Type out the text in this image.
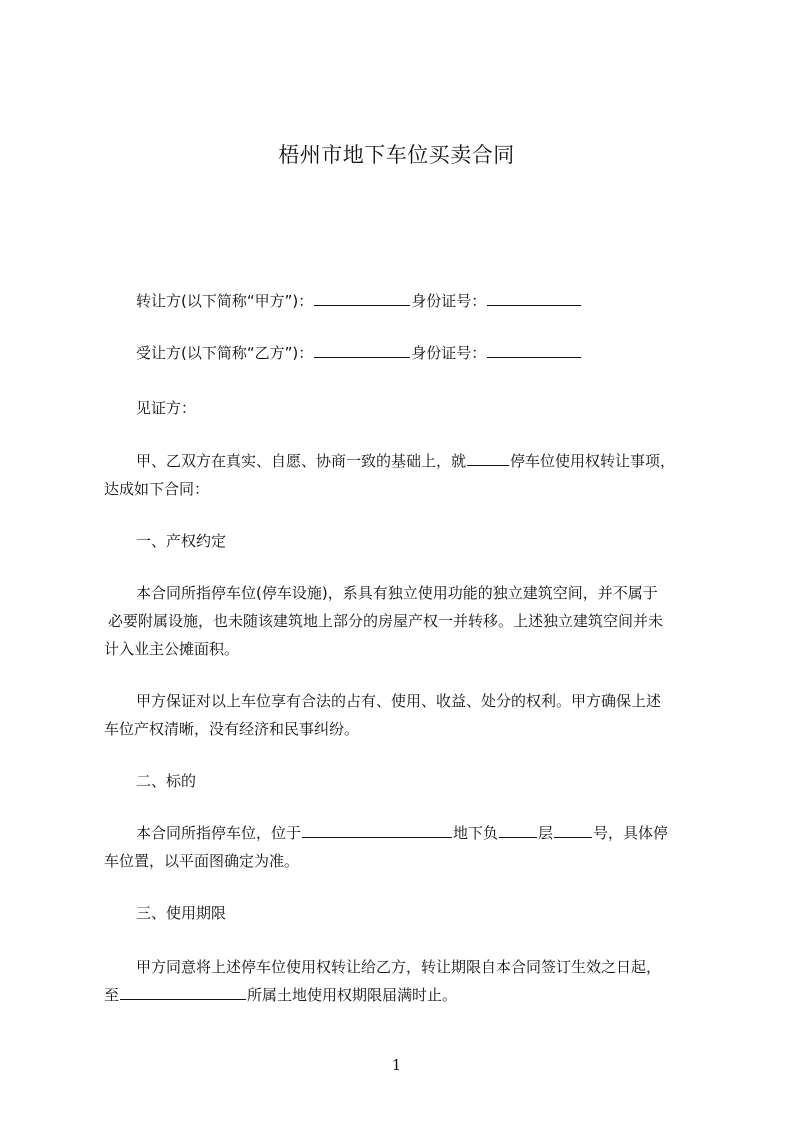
梧州市地下车位买卖合同
转让方(以下简称“甲方”)：	身份证号：
受让方(以下简称“乙方”)：	身份证号：
见证方：
甲、乙双方在真实、自愿、协商一致的基础上，就	停车位使用权转让事项，
达成如下合同：
一、产权约定
本合同所指停车位(停车设施)，系具有独立使用功能的独立建筑空间，并不属于
必要附属设施，也未随该建筑地上部分的房屋产权一并转移。上述独立建筑空间并未
计入业主公摊面积。
甲方保证对以上车位享有合法的占有、使用、收益、处分的权利。甲方确保上述
车位产权清晰，没有经济和民事纠纷。
二、标的
本合同所指停车位，位于	地下负	层	号，具体停
车位置，以平面图确定为准。
三、使用期限
甲方同意将上述停车位使用权转让给乙方，转让期限自本合同签订生效之日起，
至	所属土地使用权期限届满时止。
1
